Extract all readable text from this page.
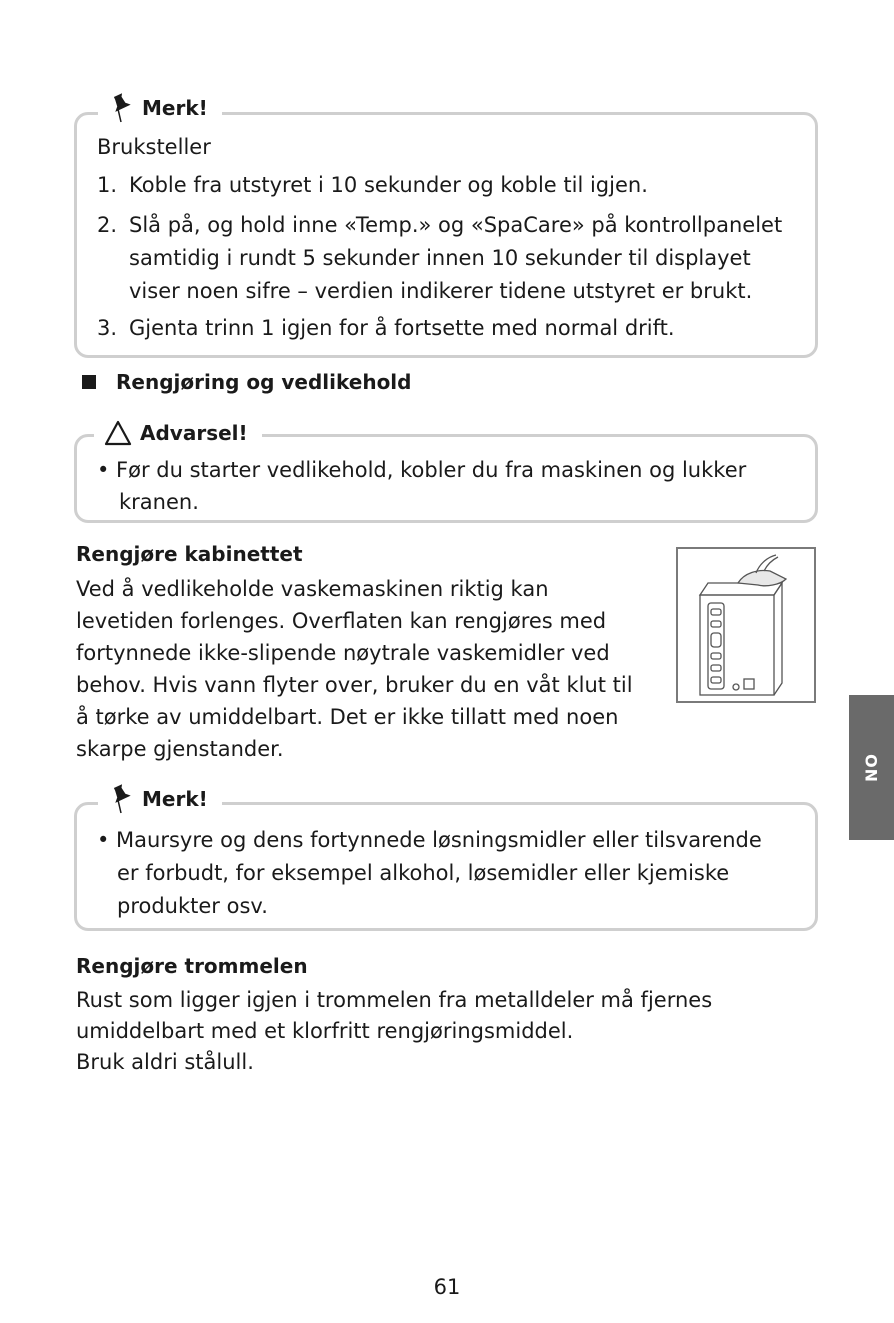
Merk!
Bruksteller
1. Koble fra utstyret i 10 sekunder og koble til igjen.
2. Slå på, og hold inne «Temp.» og «SpaCare» på kontrollpanelet
samtidig i rundt 5 sekunder innen 10 sekunder til displayet
viser noen sifre – verdien indikerer tidene utstyret er brukt.
3. Gjenta trinn 1 igjen for å fortsette med normal drift.
Rengjøring og vedlikehold
Advarsel!
• Før du starter vedlikehold, kobler du fra maskinen og lukker
kranen.
Rengjøre kabinettet
Ved å vedlikeholde vaskemaskinen riktig kan
levetiden forlenges. Overflaten kan rengjøres med
fortynnede ikke-slipende nøytrale vaskemidler ved
behov. Hvis vann flyter over, bruker du en våt klut til
å tørke av umiddelbart. Det er ikke tillatt med noen
skarpe gjenstander.
NO
Merk!
• Maursyre og dens fortynnede løsningsmidler eller tilsvarende
er forbudt, for eksempel alkohol, løsemidler eller kjemiske
produkter osv.
Rengjøre trommelen
Rust som ligger igjen i trommelen fra metalldeler må fjernes
umiddelbart med et klorfritt rengjøringsmiddel.
Bruk aldri stålull.
61
